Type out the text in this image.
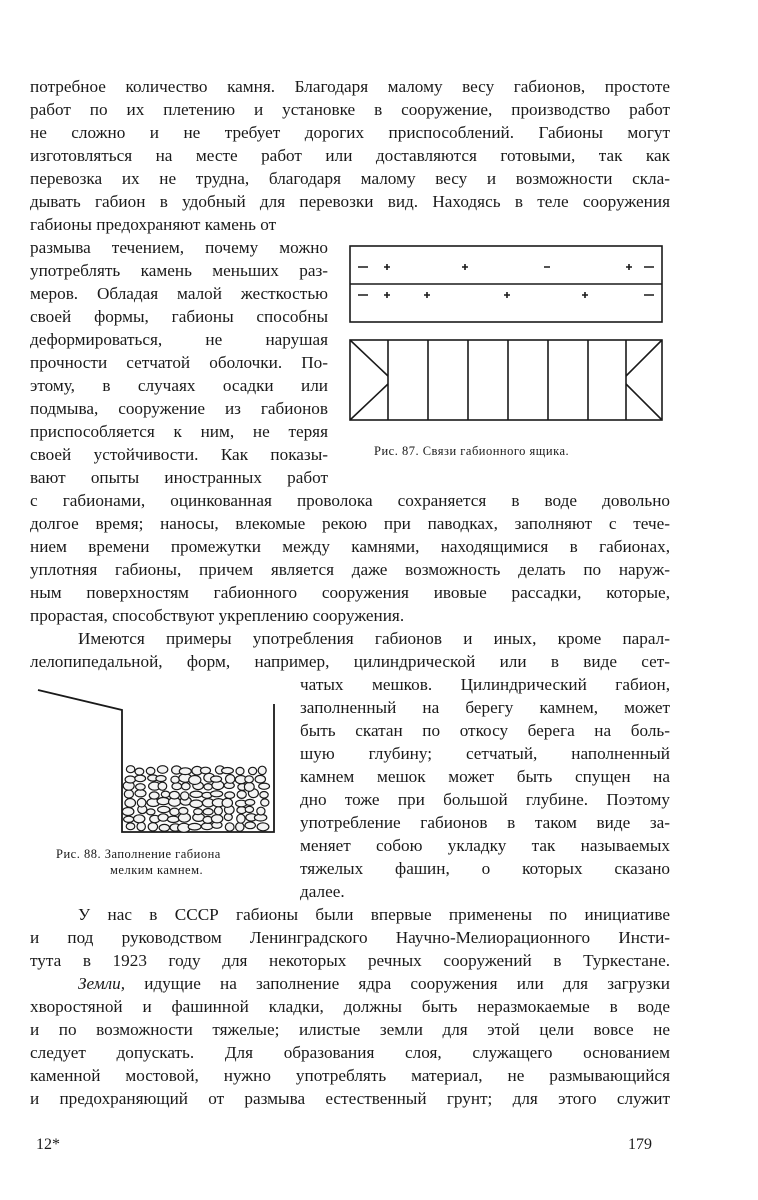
потребное количество камня. Благодаря малому весу габионов, простоте
работ по их плетению и установке в сооружение, производство работ
не сложно и не требует дорогих приспособлений. Габионы могут
изготовляться на месте работ или доставляются готовыми, так как
перевозка их не трудна, благодаря малому весу и возможности скла-
дывать габион в удобный для перевозки вид. Находясь в теле сооружения
габионы предохраняют камень от
размыва течением, почему можно
употреблять камень меньших раз-
меров. Обладая малой жесткостью
своей формы, габионы способны
деформироваться, не нарушая
прочности сетчатой оболочки. По-
этому, в случаях осадки или
подмыва, сооружение из габионов
приспособляется к ним, не теряя
своей устойчивости. Как показы-
вают опыты иностранных работ
Рис. 87. Связи габионного ящика.
с габионами, оцинкованная проволока сохраняется в воде довольно
долгое время; наносы, влекомые рекою при паводках, заполняют с тече-
нием времени промежутки между камнями, находящимися в габионах,
уплотняя габионы, причем является даже возможность делать по наруж-
ным поверхностям габионного сооружения ивовые рассадки, которые,
прорастая, способствуют укреплению сооружения.
Имеются примеры употребления габионов и иных, кроме парал-
лелопипедальной, форм, например, цилиндрической или в виде сет-
Рис. 88. Заполнение габиона
мелким камнем.
чатых мешков. Цилиндрический габион,
заполненный на берегу камнем, может
быть скатан по откосу берега на боль-
шую глубину; сетчатый, наполненный
камнем мешок может быть спущен на
дно тоже при большой глубине. Поэтому
употребление габионов в таком виде за-
меняет собою укладку так называемых
тяжелых фашин, о которых сказано
далее.
У нас в СССР габионы были впервые применены по инициативе
и под руководством Ленинградского Научно-Мелиорационного Инсти-
тута в 1923 году для некоторых речных сооружений в Туркестане.
Земли, идущие на заполнение ядра сооружения или для загрузки
хворостяной и фашинной кладки, должны быть неразмокаемые в воде
и по возможности тяжелые; илистые земли для этой цели вовсе не
следует допускать. Для образования слоя, служащего основанием
каменной мостовой, нужно употреблять материал, не размывающийся
и предохраняющий от размыва естественный грунт; для этого служит
12*	179
